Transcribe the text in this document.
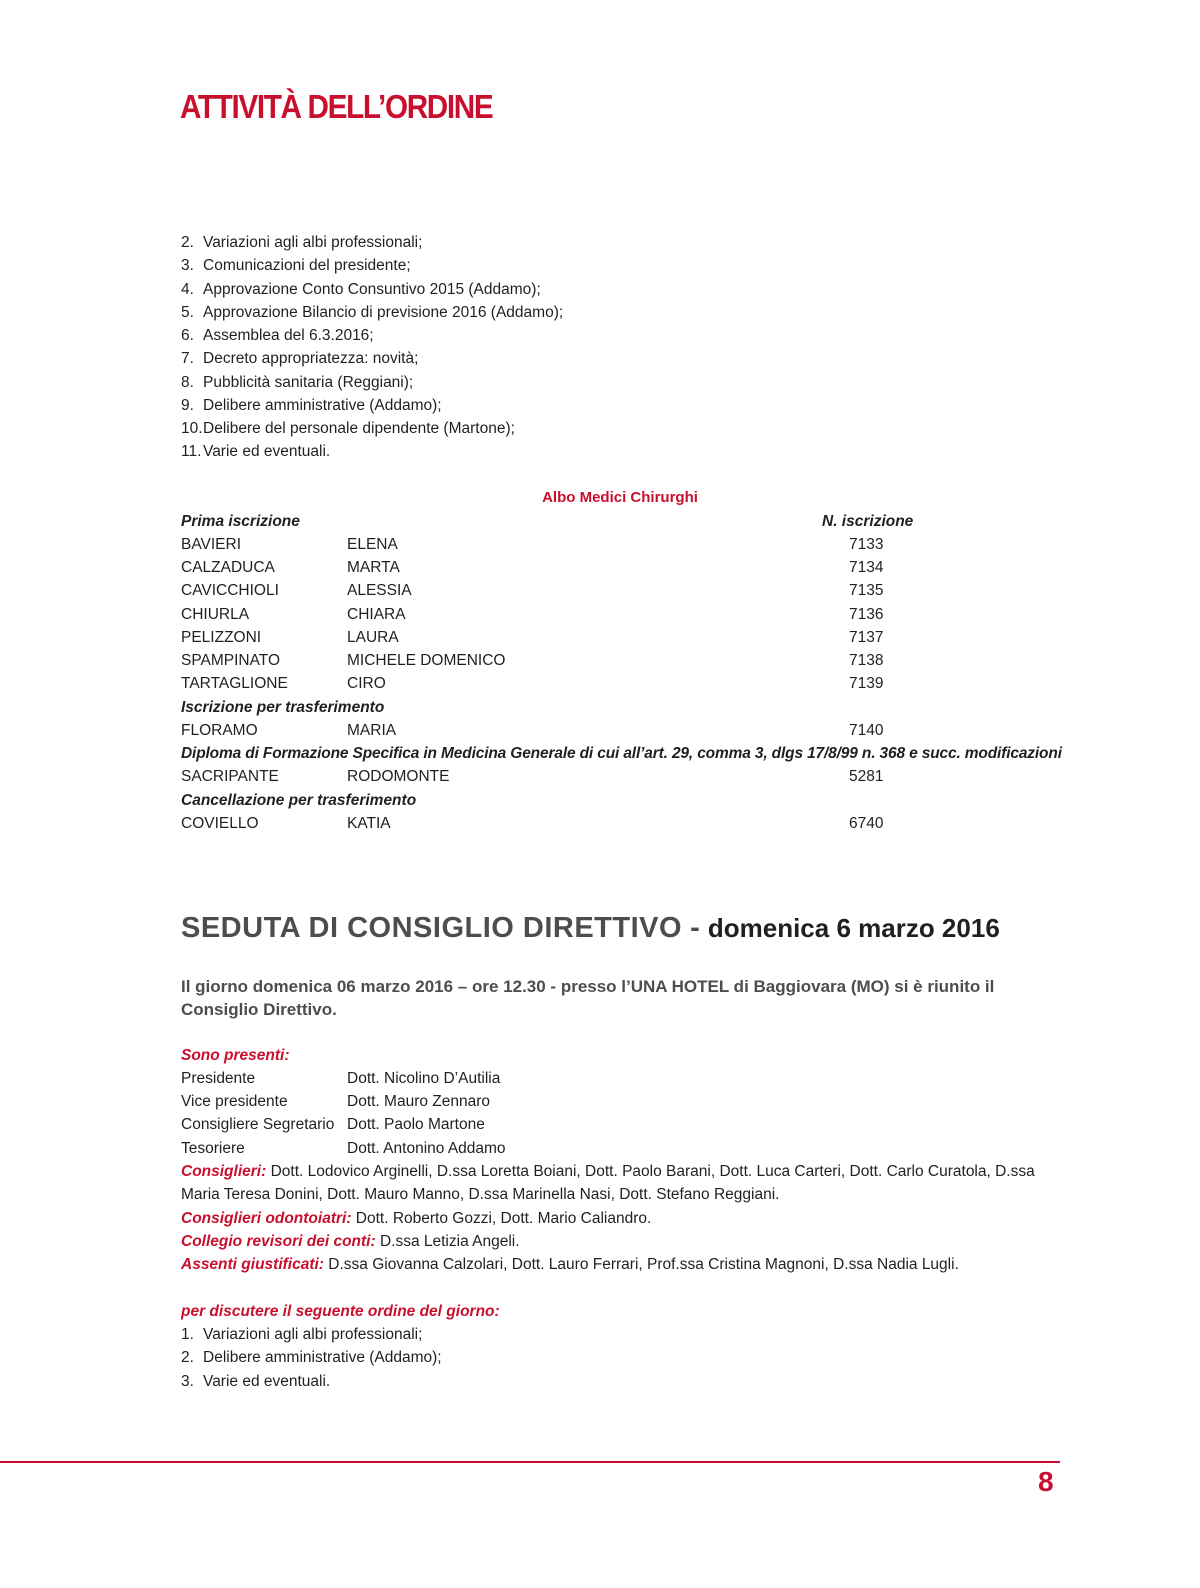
ATTIVITÀ DELL’ORDINE
2. Variazioni agli albi professionali;
3. Comunicazioni del presidente;
4. Approvazione Conto Consuntivo 2015 (Addamo);
5. Approvazione Bilancio di previsione 2016 (Addamo);
6. Assemblea del 6.3.2016;
7. Decreto appropriatezza: novità;
8. Pubblicità sanitaria (Reggiani);
9. Delibere amministrative (Addamo);
10.Delibere del personale dipendente (Martone);
11. Varie ed eventuali.

Albo Medici Chirurghi

Prima iscrizione	N. iscrizione
BAVIERI	ELENA	7133
CALZADUCA	MARTA	7134
CAVICCHIOLI	ALESSIA	7135
CHIURLA	CHIARA	7136
PELIZZONI	LAURA	7137
SPAMPINATO	MICHELE DOMENICO	7138
TARTAGLIONE	CIRO	7139
Iscrizione per trasferimento
FLORAMO	MARIA	7140
Diploma di Formazione Specifica in Medicina Generale di cui all’art. 29, comma 3, dlgs 17/8/99 n. 368 e succ. modificazioni
SACRIPANTE	RODOMONTE	5281
Cancellazione per trasferimento
COVIELLO	KATIA	6740
SEDUTA DI CONSIGLIO DIRETTIVO - domenica 6 marzo 2016

Il giorno domenica 06 marzo 2016 – ore 12.30 - presso l’UNA HOTEL di Baggiovara (MO) si è riunito il Consiglio Direttivo.

Sono presenti:
Presidente	Dott. Nicolino D’Autilia
Vice presidente	Dott. Mauro Zennaro
Consigliere Segretario Dott. Paolo Martone
Tesoriere	Dott. Antonino Addamo

Consiglieri: Dott. Lodovico Arginelli, D.ssa Loretta Boiani, Dott. Paolo Barani, Dott. Luca Carteri, Dott. Carlo Curatola, D.ssa Maria Teresa Donini, Dott. Mauro Manno, D.ssa Marinella Nasi, Dott. Stefano Reggiani.

Consiglieri odontoiatri: Dott. Roberto Gozzi, Dott. Mario Caliandro.

Collegio revisori dei conti: D.ssa Letizia Angeli.

Assenti giustificati: D.ssa Giovanna Calzolari, Dott. Lauro Ferrari, Prof.ssa Cristina Magnoni, D.ssa Nadia Lugli.

per discutere il seguente ordine del giorno:
1. Variazioni agli albi professionali;
2. Delibere amministrative (Addamo);
3. Varie ed eventuali.

8
